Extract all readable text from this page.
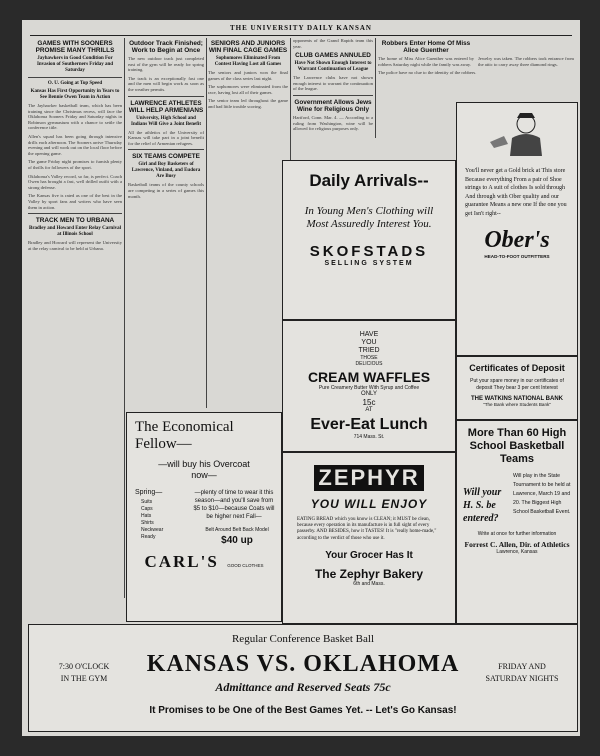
THE UNIVERSITY DAILY KANSAN
GAMES WITH SOONERS PROMISE MANY THRILLS
Jayhawkers in Good Condition For Invasion of Southerners Friday and Saturday
O. U. Going at Top Speed
Kansas Has First Opportunity in Years to See Bennie Owen Team in Action

The Jayhawker basketball team, which has been training since the Christmas recess, will face the Oklahoma Sooners Friday and Saturday nights in Robinson gymnasium with a chance to settle the conference title.

Allen's squad has been going through intensive drills each afternoon. The Sooners arrive Thursday evening and will work out on the local floor before the opening game.

The game Friday night promises to furnish plenty of thrills for followers of the sport.

Oklahoma's Valley record, so far, is perfect. Coach Owen has brought a fast, well drilled outfit with a strong defense.

The Kansas five is rated as one of the best in the Valley by sport fans and writers who have seen them in action.

TRACK MEN TO URBANA
Bradley and Howard Enter Relay Carnival at Illinois School

Bradley and Howard will represent the University at the relay carnival to be held at Urbana.

Outdoor Track Finished; Work to Begin at Once

The new outdoor track just completed east of the gym will be ready for spring training.

The track is an exceptionally fast one and the men will begin work as soon as the weather permits.

LAWRENCE ATHLETES WILL HELP ARMENIANS
University, High School and Indians Will Give a Joint Benefit

All the athletics of the University of Kansas will take part in a joint benefit for the relief of Armenian refugees.

SIX TEAMS COMPETE
Girl and Boy Basketers of Lawrence, Vinland, and Eudora Are Busy

Basketball teams of the county schools are competing in a series of games this month.

SENIORS AND JUNIORS WIN FINAL CAGE GAMES
Sophomores Eliminated From Contest Having Lost all Games

The seniors and juniors won the final games of the class series last night.

The sophomores were eliminated from the race, having lost all of their games.

The senior team led throughout the game and had little trouble scoring.

opponents of the Grand Rapids team this year.

CLUB GAMES ANNULED
Have Not Shown Enough Interest to Warrant Continuation of League

The Lawrence clubs have not shown enough interest to warrant the continuation of the league.

Government Allows Jews Wine for Religious Only

Hartford, Conn. Mar. 4. — According to a ruling from Washington, wine will be allowed for religious purposes only.

Robbers Enter Home Of Miss Alice Guenther

The home of Miss Alice Guenther was entered by robbers Saturday night while the family was away.

Jewelry was taken. The robbers took entrance from the attic to carry away three diamond rings.

The police have no clue to the identity of the robbers.

Daily Arrivals--
In Young Men's Clothing will Most Assuredly Interest You.
SKOFSTADS
SELLING SYSTEM
HAVE
YOU
TRIED
THOSE
DELICIOUS
CREAM WAFFLES
Pure Creamery Butter With Syrup and Coffee
ONLY
15c
AT
Ever-Eat Lunch
714 Mass. St.
ZEPHYR
YOU WILL ENJOY
EATING BREAD which you know is CLEAN; it MUST be clean, because every operation in its manufacture is in full sight of every passerby. AND BESIDES, how it TASTES! It is "really home-made," according to the verdict of those who use it.
Your Grocer Has It
The Zephyr Bakery
6th and Mass.
The Economical Fellow—
—will buy his Overcoat now—
Spring—
Suits
Caps
Hats
Shirts
Neckwear
Ready
—plenty of time to wear it this season—and you'll save from $5 to $10—because Coats will be higher next Fall—
Belt Around Belt Back Model
$40 up
CARL'S GOOD CLOTHES
You'll never get a Gold brick at This store Because everything From a pair of Shoe strings to A suit of clothes Is sold through And through with Ober quality and our guarantee Means a new one If the one you get Isn't right--
Ober's
HEAD-TO-FOOT OUTFITTERS
Certificates of Deposit
Put your spare money in our certificates of deposit They bear 3 per cent Interest
THE WATKINS NATIONAL BANK
"The Bank where Students Bank"
More Than 60 High School Basketball Teams
Will your H. S. be entered?
Will play in the State Tournament to be held at Lawrence, March 19 and 20. The Biggest High School Basketball Event.
Write at once for further information
Forrest C. Allen, Dir. of Athletics
Lawrence, Kansas
Regular Conference Basket Ball
7:30 O'CLOCK
IN THE GYM
KANSAS VS. OKLAHOMA
Admittance and Reserved Seats 75c
FRIDAY AND
SATURDAY NIGHTS
It Promises to be One of the Best Games Yet. -- Let's Go Kansas!
